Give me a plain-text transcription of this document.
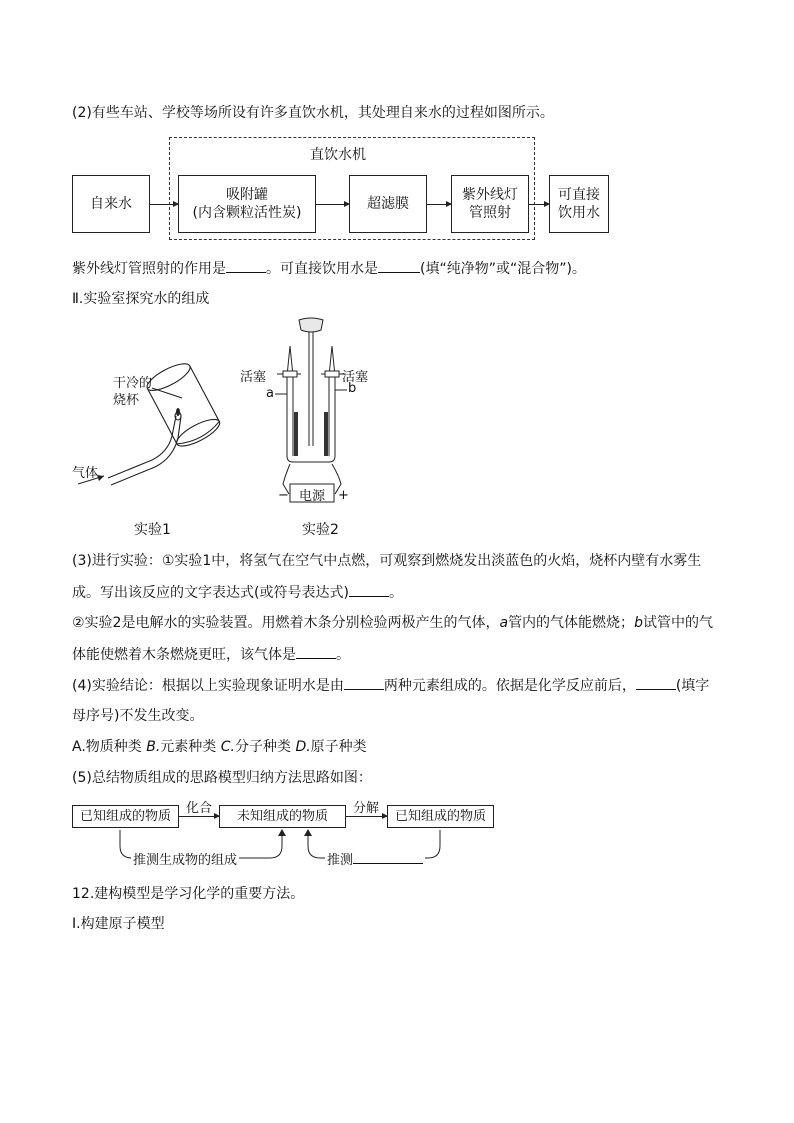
(2)有些车站、学校等场所设有许多直饮水机，其处理自来水的过程如图所示。
直饮水机
自来水
吸附罐
(内含颗粒活性炭)
超滤膜
紫外线灯
管照射
可直接
饮用水
紫外线灯管照射的作用是	。可直接饮用水是	(填“纯净物”或“混合物”)。
Ⅱ.实验室探究水的组成
干冷的
烧杯
气体
实验1
活塞	活塞
a	b
电源
−	+
实验2
(3)进行实验：①实验1中，将氢气在空气中点燃，可观察到燃烧发出淡蓝色的火焰，烧杯内壁有水雾生
成。写出该反应的文字表达式(或符号表达式)	。
②实验2是电解水的实验装置。用燃着木条分别检验两极产生的气体，a管内的气体能燃烧；b试管中的气
体能使燃着木条燃烧更旺，该气体是	。
(4)实验结论：根据以上实验现象证明水是由	两种元素组成的。依据是化学反应前后，	(填字
母序号)不发生改变。
A.物质种类 B.元素种类 C.分子种类 D.原子种类
(5)总结物质组成的思路模型归纳方法思路如图：
已知组成的物质	化合	未知组成的物质	分解	已知组成的物质
推测生成物的组成	推测
12.建构模型是学习化学的重要方法。
Ⅰ.构建原子模型
